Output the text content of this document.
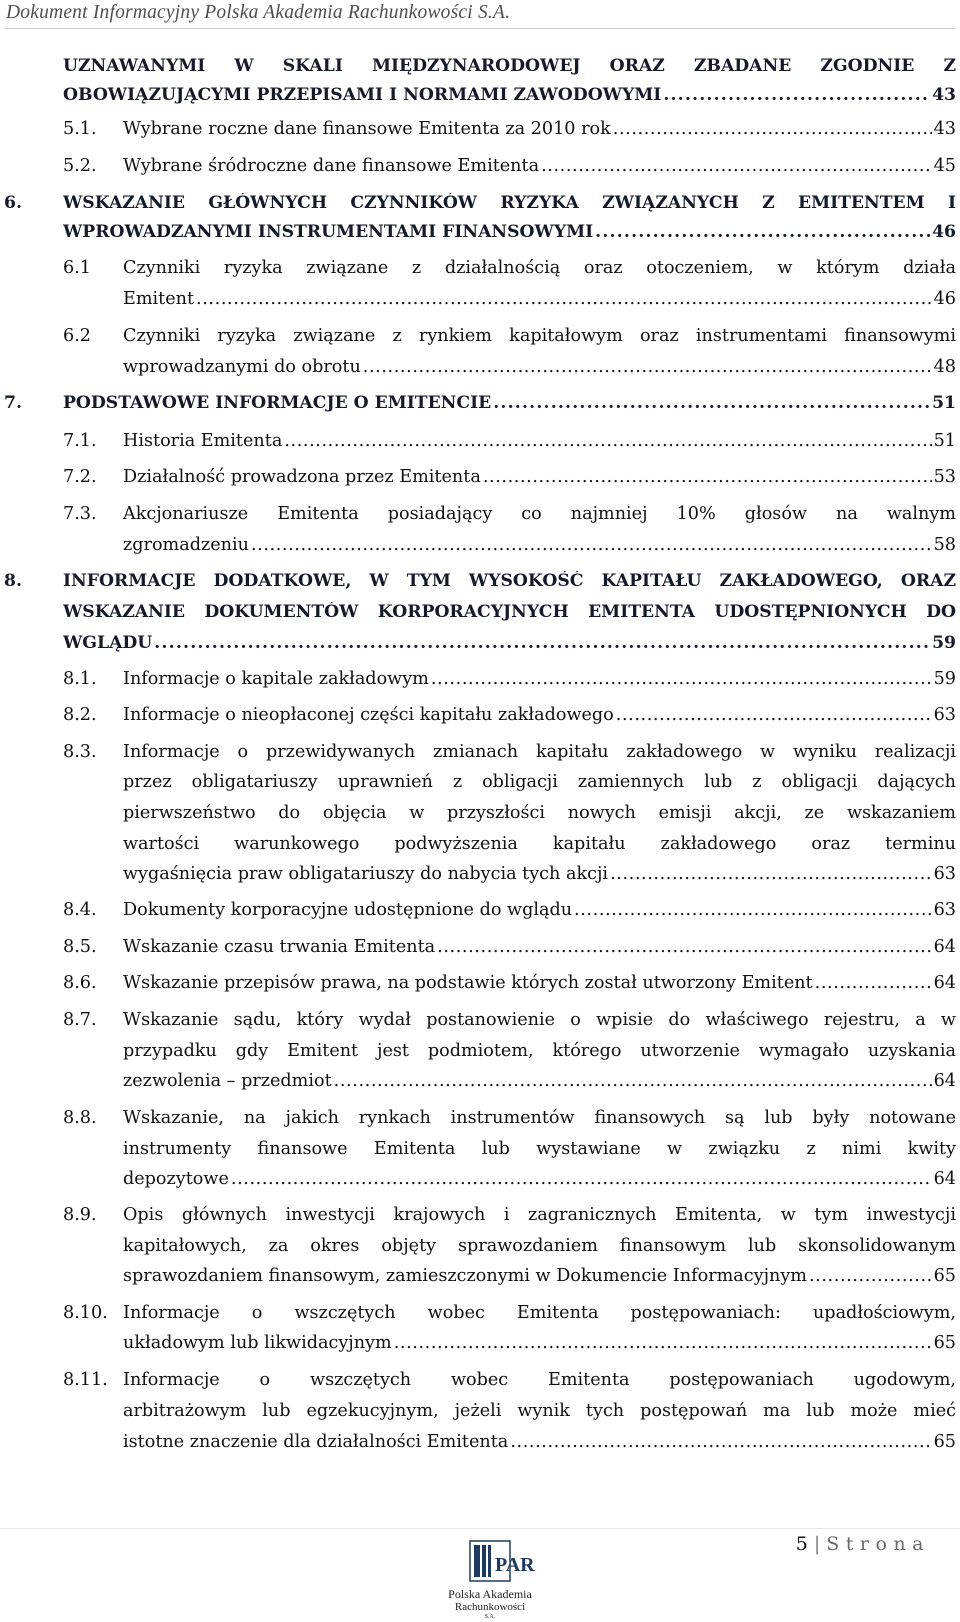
Dokument Informacyjny Polska Akademia Rachunkowości S.A.
UZNAWANYMI W SKALI MIĘDZYNARODOWEJ ORAZ ZBADANE ZGODNIE Z
OBOWIĄZUJĄCYMI PRZEPISAMI I NORMAMI ZAWODOWYMI .....	43
5.1. Wybrane roczne dane finansowe Emitenta za 2010 rok .....	43
5.2. Wybrane śródroczne dane finansowe Emitenta .....	45
6. WSKAZANIE GŁÓWNYCH CZYNNIKÓW RYZYKA ZWIĄZANYCH Z EMITENTEM I
WPROWADZANYMI INSTRUMENTAMI FINANSOWYMI .....	46
6.1 Czynniki ryzyka związane z działalnością oraz otoczeniem, w którym działa
Emitent .....	46
6.2 Czynniki ryzyka związane z rynkiem kapitałowym oraz instrumentami finansowymi
wprowadzanymi do obrotu .....	48
7. PODSTAWOWE INFORMACJE O EMITENCIE .....	51
7.1. Historia Emitenta .....	51
7.2. Działalność prowadzona przez Emitenta .....	53
7.3. Akcjonariusze Emitenta posiadający co najmniej 10% głosów na walnym
zgromadzeniu .....	58
8. INFORMACJE DODATKOWE, W TYM WYSOKOŚĆ KAPITAŁU ZAKŁADOWEGO, ORAZ
WSKAZANIE DOKUMENTÓW KORPORACYJNYCH EMITENTA UDOSTĘPNIONYCH DO
WGLĄDU .....	59
8.1. Informacje o kapitale zakładowym .....	59
8.2. Informacje o nieopłaconej części kapitału zakładowego .....	63
8.3. Informacje o przewidywanych zmianach kapitału zakładowego w wyniku realizacji
przez obligatariuszy uprawnień z obligacji zamiennych lub z obligacji dających
pierwszeństwo do objęcia w przyszłości nowych emisji akcji, ze wskazaniem
wartości warunkowego podwyższenia kapitału zakładowego oraz terminu
wygaśnięcia praw obligatariuszy do nabycia tych akcji .....	63
8.4. Dokumenty korporacyjne udostępnione do wglądu .....	63
8.5. Wskazanie czasu trwania Emitenta .....	64
8.6. Wskazanie przepisów prawa, na podstawie których został utworzony Emitent .....	64
8.7. Wskazanie sądu, który wydał postanowienie o wpisie do właściwego rejestru, a w
przypadku gdy Emitent jest podmiotem, którego utworzenie wymagało uzyskania
zezwolenia – przedmiot .....	64
8.8. Wskazanie, na jakich rynkach instrumentów finansowych są lub były notowane
instrumenty finansowe Emitenta lub wystawiane w związku z nimi kwity
depozytowe .....	64
8.9. Opis głównych inwestycji krajowych i zagranicznych Emitenta, w tym inwestycji
kapitałowych, za okres objęty sprawozdaniem finansowym lub skonsolidowanym
sprawozdaniem finansowym, zamieszczonymi w Dokumencie Informacyjnym .....	65
8.10. Informacje o wszczętych wobec Emitenta postępowaniach: upadłościowym,
układowym lub likwidacyjnym .....	65
8.11. Informacje o wszczętych wobec Emitenta postępowaniach ugodowym,
arbitrażowym lub egzekucyjnym, jeżeli wynik tych postępowań ma lub może mieć
istotne znaczenie dla działalności Emitenta .....	65
5 | Strona
PAR
Polska Akademia
Rachunkowości
S.A.
